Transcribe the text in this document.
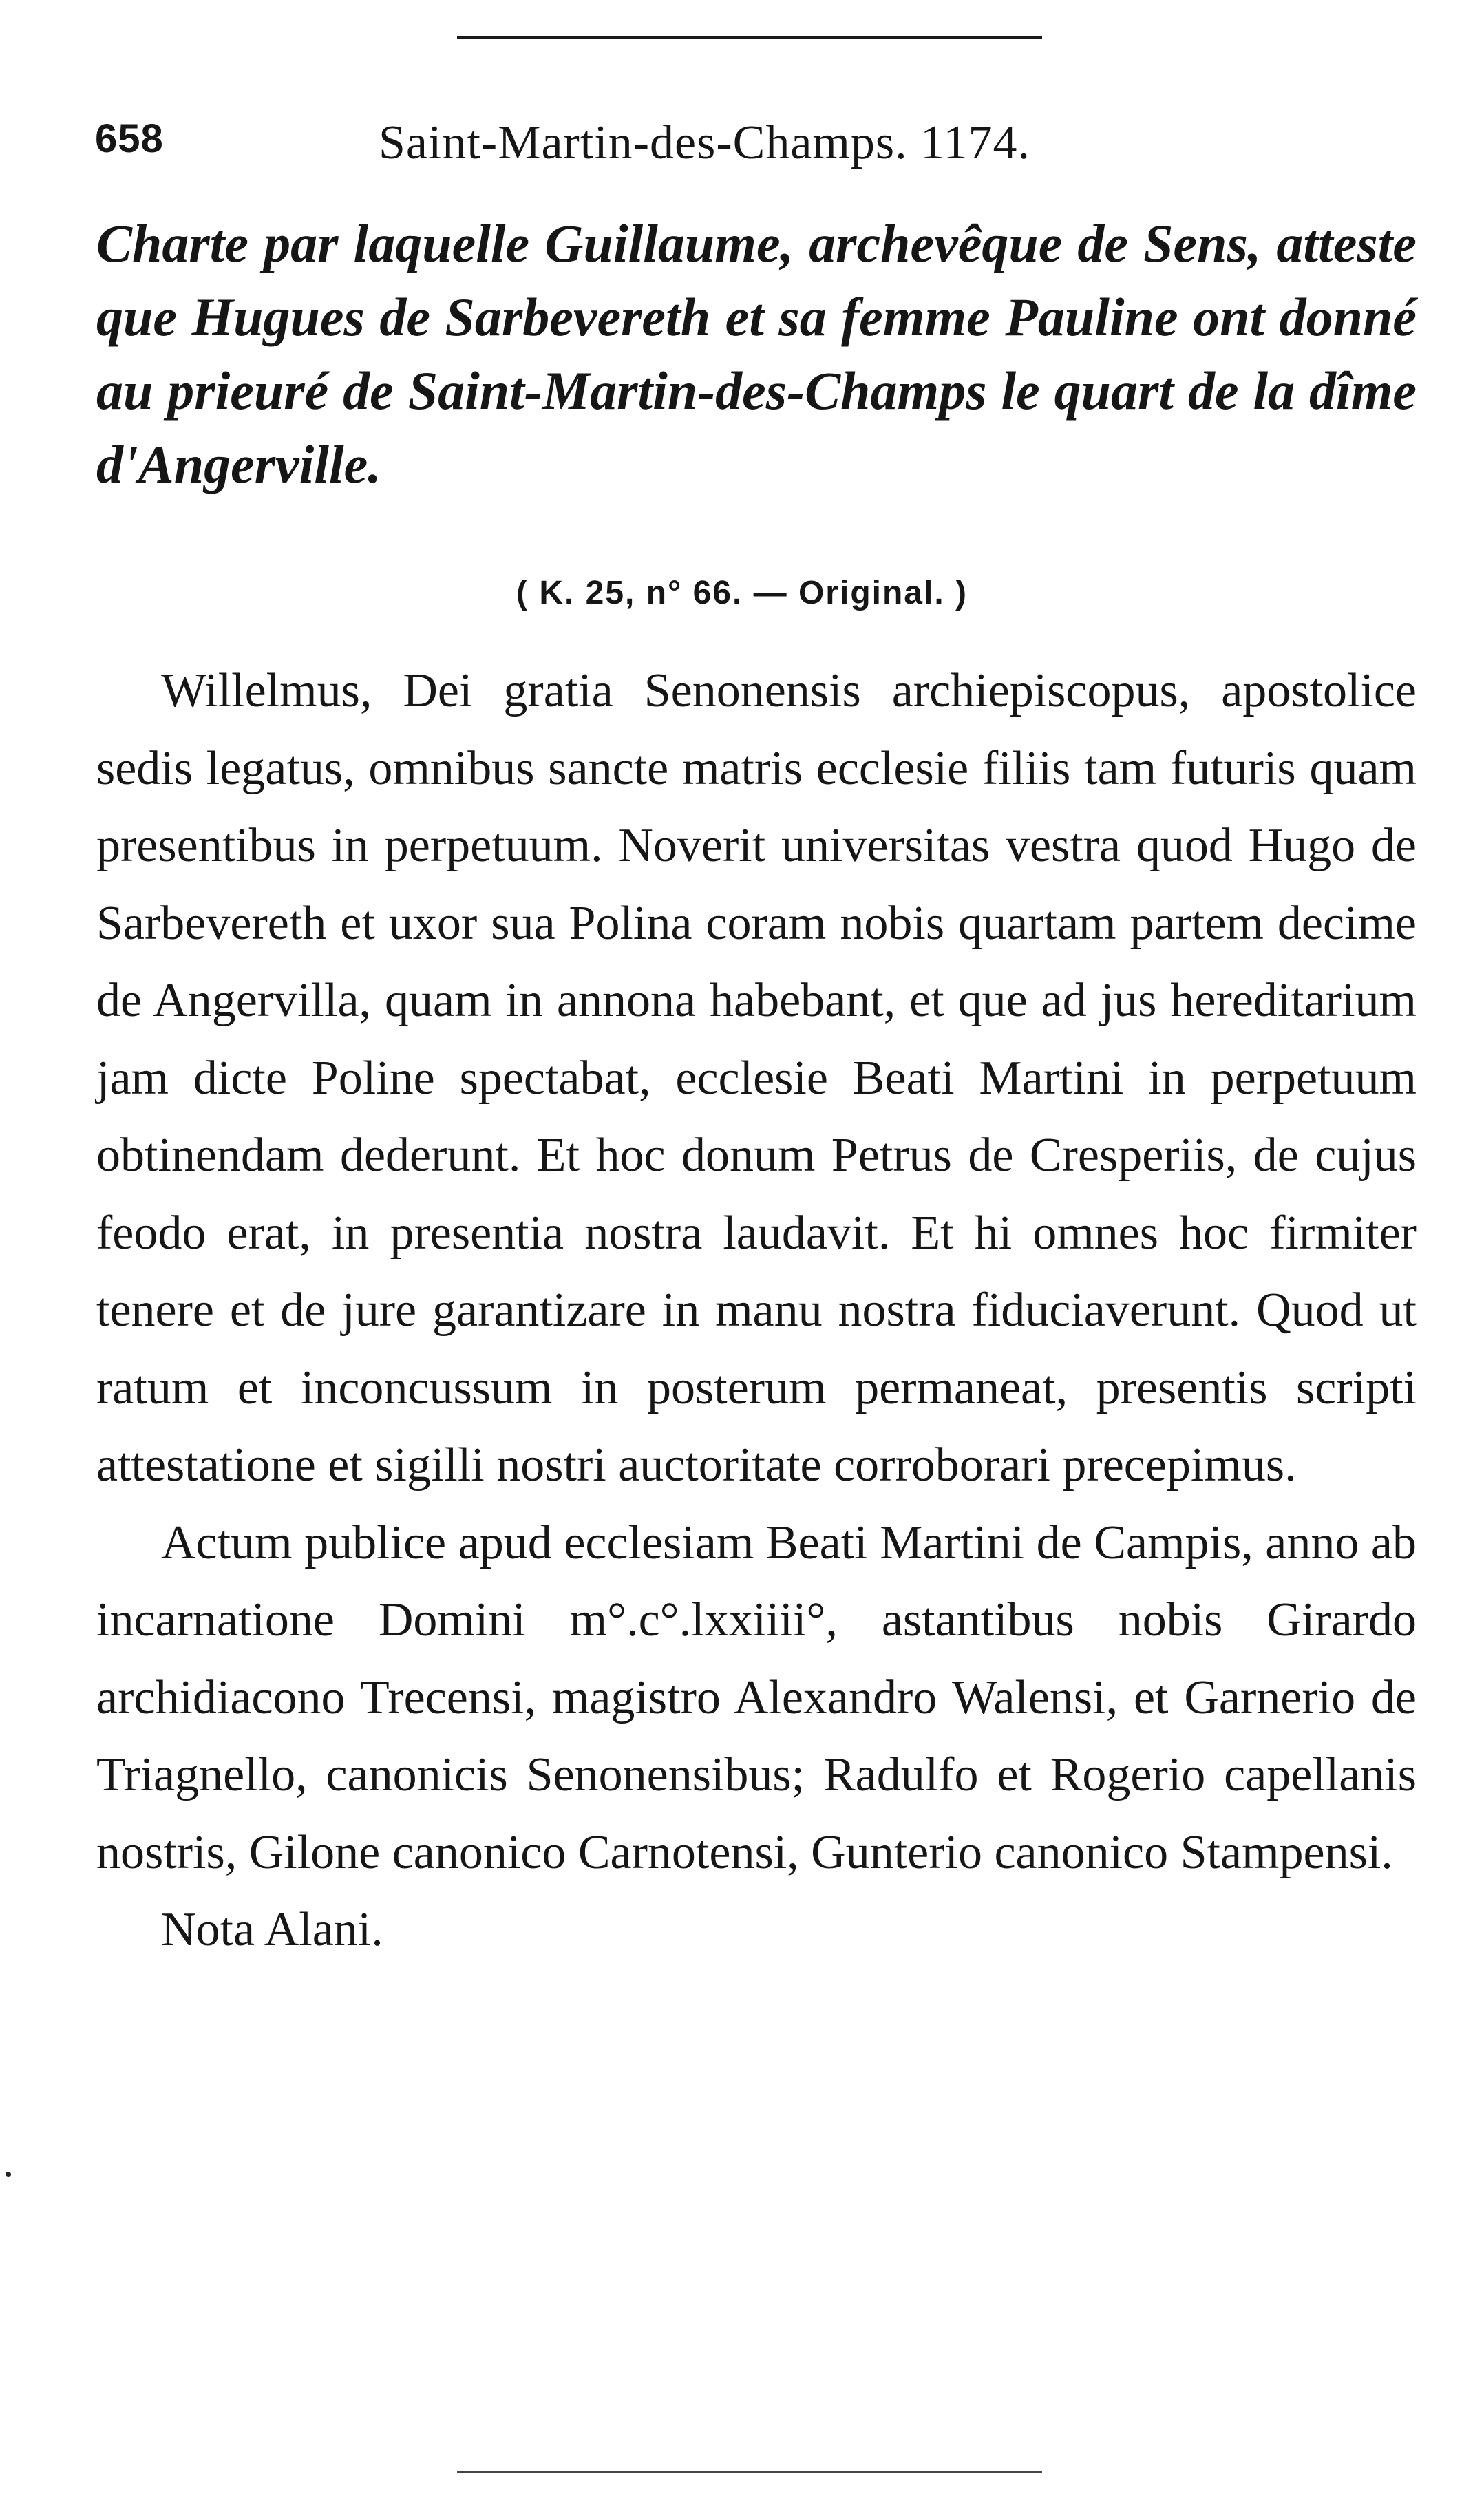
658	Saint-Martin-des-Champs. 1174.
Charte par laquelle Guillaume, archevêque de Sens, atteste que Hugues de Sarbevereth et sa femme Pauline ont donné au prieuré de Saint-Martin-des-Champs le quart de la dîme d'Angerville.
( K. 25, n° 66. — Original. )

Willelmus, Dei gratia Senonensis archiepiscopus, apostolice sedis legatus, omnibus sancte matris ecclesie filiis tam futuris quam presentibus in perpetuum. Noverit universitas vestra quod Hugo de Sarbevereth et uxor sua Polina coram nobis quartam partem decime de Angervilla, quam in annona habebant, et que ad jus hereditarium jam dicte Poline spectabat, ecclesie Beati Martini in perpetuum obtinendam dederunt. Et hoc donum Petrus de Cresperiis, de cujus feodo erat, in presentia nostra laudavit. Et hi omnes hoc firmiter tenere et de jure garantizare in manu nostra fiduciaverunt. Quod ut ratum et inconcussum in posterum permaneat, presentis scripti attestatione et sigilli nostri auctoritate corroborari precepimus.

Actum publice apud ecclesiam Beati Martini de Campis, anno ab incarnatione Domini m°.c°.lxxiiii°, astantibus nobis Girardo archidiacono Trecensi, magistro Alexandro Walensi, et Garnerio de Triagnello, canonicis Senonensibus; Radulfo et Rogerio capellanis nostris, Gilone canonico Carnotensi, Gunterio canonico Stampensi.

Nota Alani.
